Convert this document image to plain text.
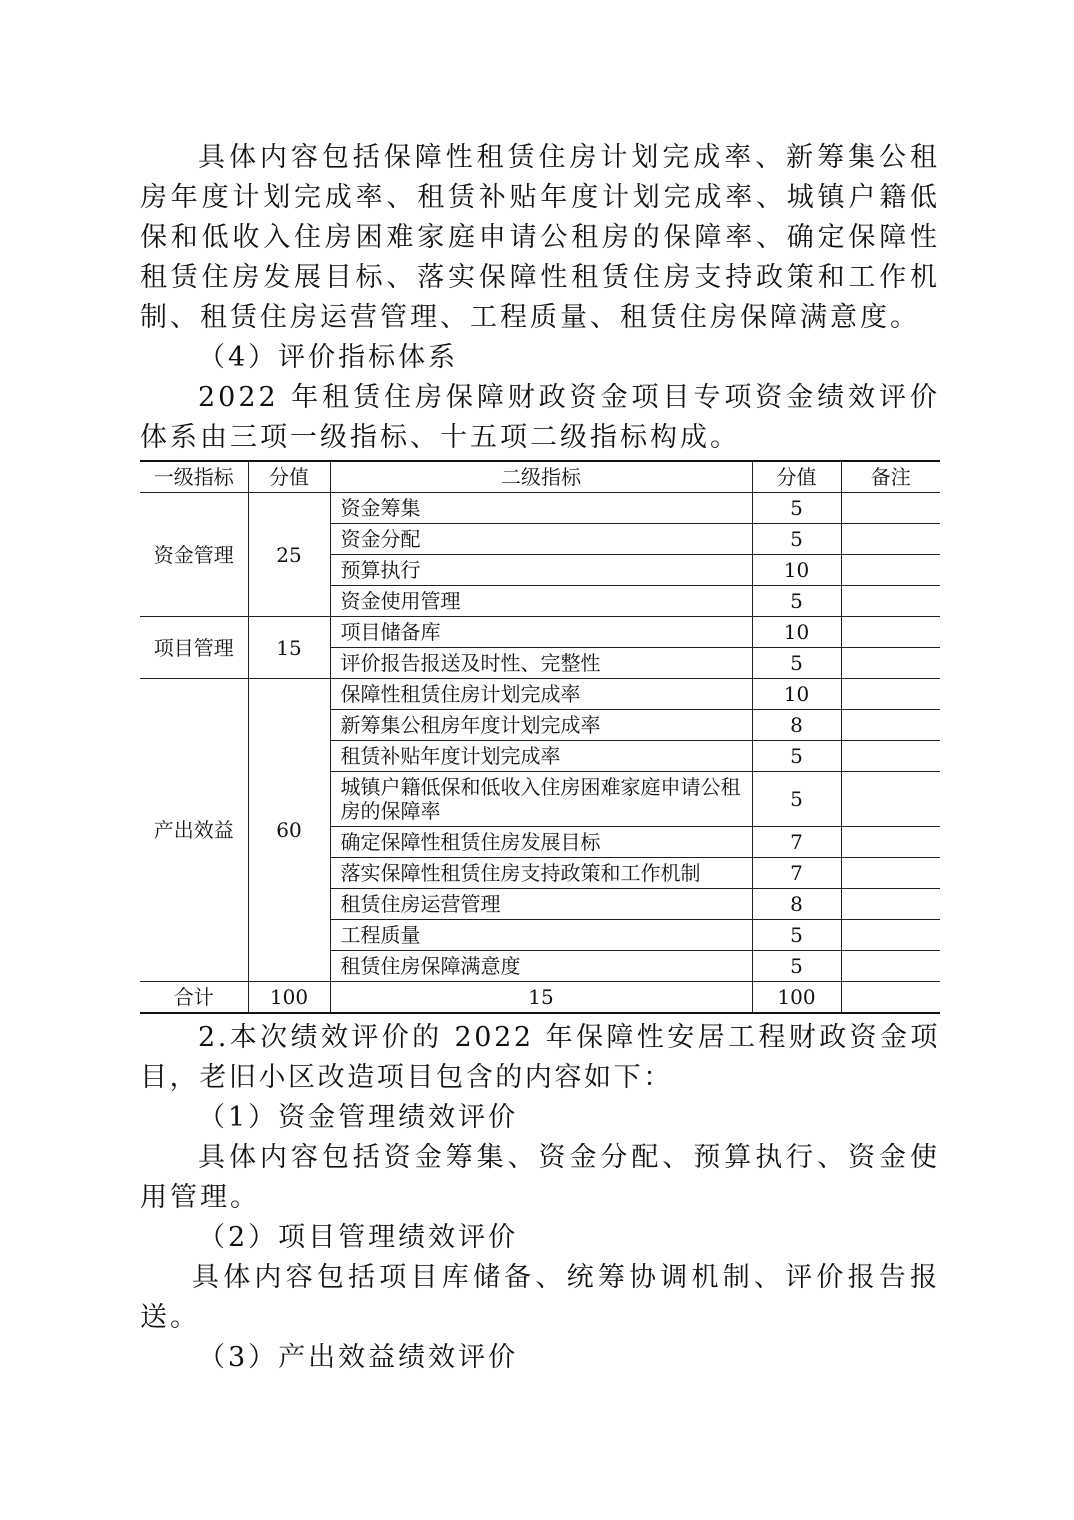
具体内容包括保障性租赁住房计划完成率、新筹集公租房年度计划完成率、租赁补贴年度计划完成率、城镇户籍低保和低收入住房困难家庭申请公租房的保障率、确定保障性租赁住房发展目标、落实保障性租赁住房支持政策和工作机制、租赁住房运营管理、工程质量、租赁住房保障满意度。

（4）评价指标体系

2022 年租赁住房保障财政资金项目专项资金绩效评价体系由三项一级指标、十五项二级指标构成。

一级指标	分值	二级指标	分值	备注
资金管理	25	资金筹集	5	
		资金分配	5	
		预算执行	10	
		资金使用管理	5	
项目管理	15	项目储备库	10	
		评价报告报送及时性、完整性	5	
产出效益	60	保障性租赁住房计划完成率	10	
		新筹集公租房年度计划完成率	8	
		租赁补贴年度计划完成率	5	
		城镇户籍低保和低收入住房困难家庭申请公租房的保障率	5	
		确定保障性租赁住房发展目标	7	
		落实保障性租赁住房支持政策和工作机制	7	
		租赁住房运营管理	8	
		工程质量	5	
		租赁住房保障满意度	5	
合计	100	15	100	

2.本次绩效评价的 2022 年保障性安居工程财政资金项目，老旧小区改造项目包含的内容如下：

（1）资金管理绩效评价

具体内容包括资金筹集、资金分配、预算执行、资金使用管理。

（2）项目管理绩效评价

具体内容包括项目库储备、统筹协调机制、评价报告报送。

（3）产出效益绩效评价
